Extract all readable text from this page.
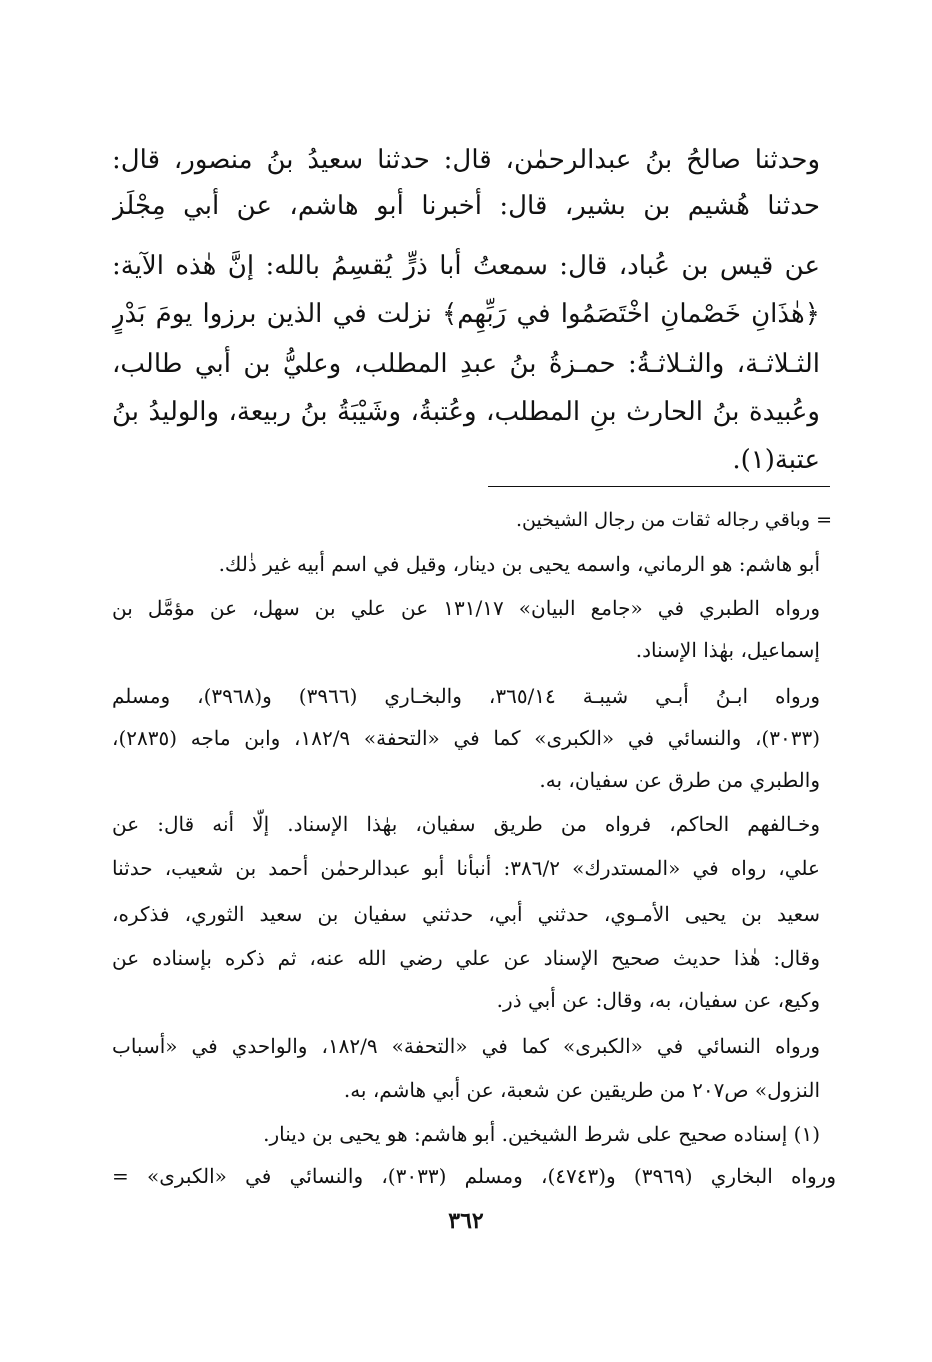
وحدثنا صالحُ بنُ عبدالرحمٰن، قال: حدثنا سعيدُ بنُ منصور، قال:
حدثنا هُشيم بن بشير، قال: أخبرنا أبو هاشم، عن أبي مِجْلَز
عن قيس بن عُباد، قال: سمعتُ أبا ذرٍّ يُقسِمُ بالله: إنَّ هٰذه الآية:
﴿هٰذَانِ خَصْمانِ اخْتَصَمُوا في رَبِّهِم﴾ نزلت في الذين برزوا يومَ بَدْرٍ
الثـلاثـة، والثـلاثـةُ: حمـزةُ بنُ عبدِ المطلب، وعليُّ بن أبي طالب،
وعُبيدة بنُ الحارث بنِ المطلب، وعُتبةُ، وشَيْبَةُ بنُ ربيعة، والوليدُ بنُ
عتبة(١).
= وباقي رجاله ثقات من رجال الشيخين.
أبو هاشم: هو الرماني، واسمه يحيى بن دينار، وقيل في اسم أبيه غير ذٰلك.
ورواه الطبري في «جامع البيان» ١٣١/١٧ عن علي بن سهل، عن مؤمَّل بن
إسماعيل، بهٰذا الإسناد.
ورواه ابـنُ أبـي شيبـة ٣٦٥/١٤، والبخـاري (٣٩٦٦) و(٣٩٦٨)، ومسلم
(٣٠٣٣)، والنسائي في «الكبرى» كما في «التحفة» ١٨٢/٩، وابن ماجه (٢٨٣٥)،
والطبري من طرق عن سفيان، به.
وخـالفهم الحاكم، فرواه من طريق سفيان، بهٰذا الإسناد. إلّا أنه قال: عن
علي، رواه في «المستدرك» ٣٨٦/٢: أنبأنا أبو عبدالرحمٰن أحمد بن شعيب، حدثنا
سعيد بن يحيى الأمـوي، حدثني أبي، حدثني سفيان بن سعيد الثوري، فذكره،
وقال: هٰذا حديث صحيح الإسناد عن علي رضي الله عنه، ثم ذكره بإسناده عن
وكيع، عن سفيان، به، وقال: عن أبي ذر.
ورواه النسائي في «الكبرى» كما في «التحفة» ١٨٢/٩، والواحدي في «أسباب
النزول» ص٢٠٧ من طريقين عن شعبة، عن أبي هاشم، به.
(١) إسناده صحيح على شرط الشيخين. أبو هاشم: هو يحيى بن دينار.
ورواه البخاري (٣٩٦٩) و(٤٧٤٣)، ومسلم (٣٠٣٣)، والنسائي في «الكبرى» =
٣٦٢
